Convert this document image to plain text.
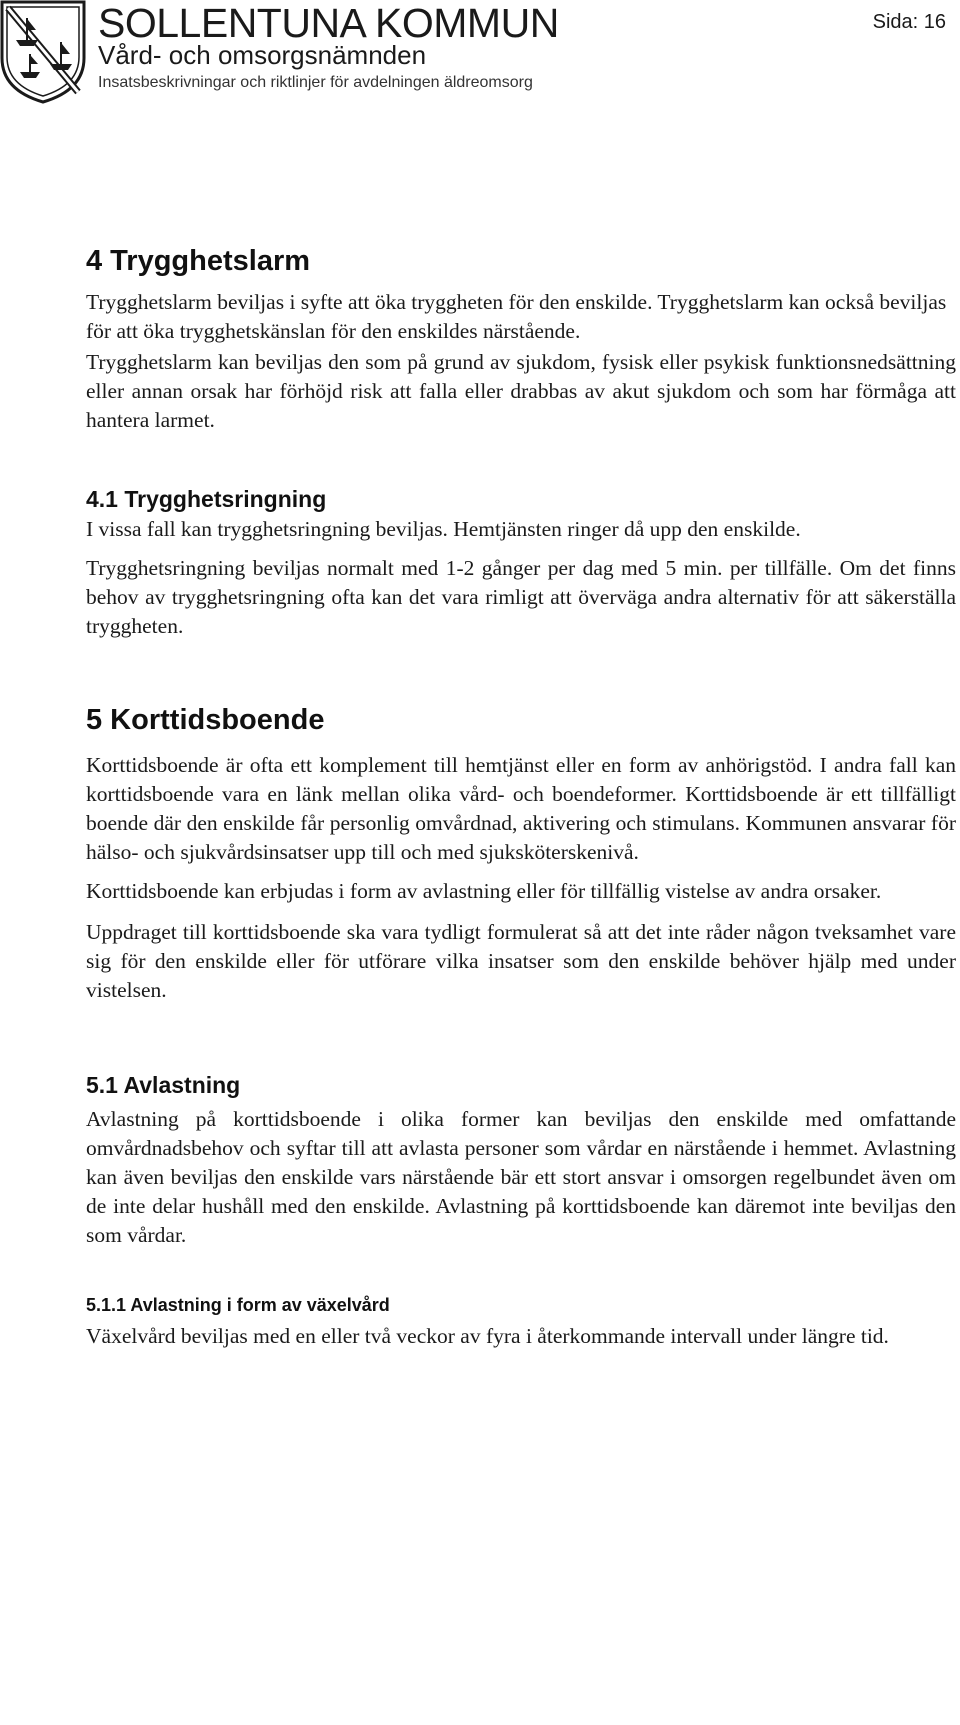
SOLLENTUNA KOMMUN
Vård- och omsorgsnämnden
Insatsbeskrivningar och riktlinjer för avdelningen äldreomsorg
Sida: 16
4 Trygghetslarm

Trygghetslarm beviljas i syfte att öka tryggheten för den enskilde. Trygghetslarm kan också beviljas för att öka trygghetskänslan för den enskildes närstående.

Trygghetslarm kan beviljas den som på grund av sjukdom, fysisk eller psykisk funktionsnedsättning eller annan orsak har förhöjd risk att falla eller drabbas av akut sjukdom och som har förmåga att hantera larmet.

4.1 Trygghetsringning

I vissa fall kan trygghetsringning beviljas. Hemtjänsten ringer då upp den enskilde.

Trygghetsringning beviljas normalt med 1-2 gånger per dag med 5 min. per tillfälle. Om det finns behov av trygghetsringning ofta kan det vara rimligt att överväga andra alternativ för att säkerställa tryggheten.

5 Korttidsboende

Korttidsboende är ofta ett komplement till hemtjänst eller en form av anhörigstöd. I andra fall kan korttidsboende vara en länk mellan olika vård- och boendeformer. Korttidsboende är ett tillfälligt boende där den enskilde får personlig omvårdnad, aktivering och stimulans. Kommunen ansvarar för hälso- och sjukvårdsinsatser upp till och med sjuksköterskenivå.

Korttidsboende kan erbjudas i form av avlastning eller för tillfällig vistelse av andra orsaker.

Uppdraget till korttidsboende ska vara tydligt formulerat så att det inte råder någon tveksamhet vare sig för den enskilde eller för utförare vilka insatser som den enskilde behöver hjälp med under vistelsen.

5.1 Avlastning

Avlastning på korttidsboende i olika former kan beviljas den enskilde med omfattande omvårdnadsbehov och syftar till att avlasta personer som vårdar en närstående i hemmet. Avlastning kan även beviljas den enskilde vars närstående bär ett stort ansvar i omsorgen regelbundet även om de inte delar hushåll med den enskilde. Avlastning på korttidsboende kan däremot inte beviljas den som vårdar.

5.1.1 Avlastning i form av växelvård

Växelvård beviljas med en eller två veckor av fyra i återkommande intervall under längre tid.
